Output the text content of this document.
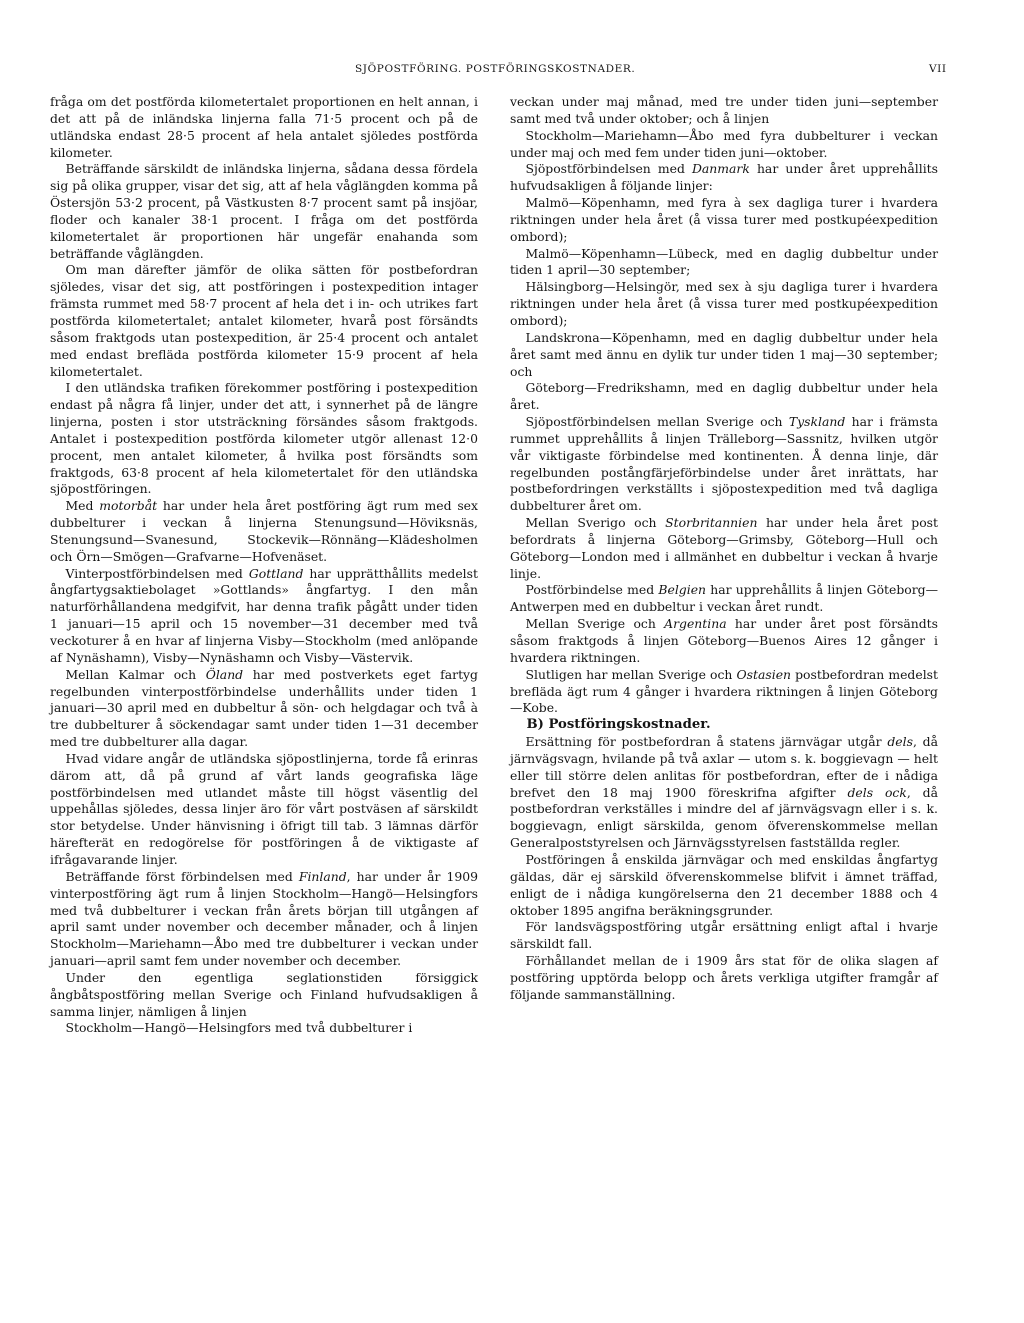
SJÖPOSTFÖRING. POSTFÖRINGSKOSTNADER.	VII

fråga om det postförda kilometertalet proportionen en helt annan, i det att på de inländska linjerna falla 71·5 procent och på de utländska endast 28·5 procent af hela antalet sjöledes postförda kilometer.

Beträffande särskildt de inländska linjerna, sådana dessa fördela sig på olika grupper, visar det sig, att af hela våglängden komma på Östersjön 53·2 procent, på Västkusten 8·7 procent samt på insjöar, floder och kanaler 38·1 procent. I fråga om det postförda kilometertalet är proportionen här ungefär enahanda som beträffande våglängden.

Om man därefter jämför de olika sätten för postbefordran sjöledes, visar det sig, att postföringen i postexpedition intager främsta rummet med 58·7 procent af hela det i in- och utrikes fart postförda kilometertalet; antalet kilometer, hvarå post försändts såsom fraktgods utan postexpedition, är 25·4 procent och antalet med endast brefläda postförda kilometer 15·9 procent af hela kilometertalet.

I den utländska trafiken förekommer postföring i postexpedition endast på några få linjer, under det att, i synnerhet på de längre linjerna, posten i stor utsträckning försändes såsom fraktgods. Antalet i postexpedition postförda kilometer utgör allenast 12·0 procent, men antalet kilometer, å hvilka post försändts som fraktgods, 63·8 procent af hela kilometertalet för den utländska sjöpostföringen.

Med motorbåt har under hela året postföring ägt rum med sex dubbelturer i veckan å linjerna Stenungsund—Höviksnäs, Stenungsund—Svanesund, Stockevik—Rönnäng—Klädesholmen och Örn—Smögen—Grafvarne—Hofvenäset.

Vinterpostförbindelsen med Gottland har upprätthållits medelst ångfartygsaktiebolaget »Gottlands» ångfartyg. I den mån naturförhållandena medgifvit, har denna trafik pågått under tiden 1 januari—15 april och 15 november—31 december med två veckoturer å en hvar af linjerna Visby—Stockholm (med anlöpande af Nynäshamn), Visby—Nynäshamn och Visby—Västervik.

Mellan Kalmar och Öland har med postverkets eget fartyg regelbunden vinterpostförbindelse underhållits under tiden 1 januari—30 april med en dubbeltur å sön- och helgdagar och två à tre dubbelturer å söckendagar samt under tiden 1—31 december med tre dubbelturer alla dagar.

Hvad vidare angår de utländska sjöpostlinjerna, torde få erinras därom att, då på grund af vårt lands geografiska läge postförbindelsen med utlandet måste till högst väsentlig del uppehållas sjöledes, dessa linjer äro för vårt postväsen af särskildt stor betydelse. Under hänvisning i öfrigt till tab. 3 lämnas därför härefterät en redogörelse för postföringen å de viktigaste af ifrågavarande linjer.

Beträffande först förbindelsen med Finland, har under år 1909 vinterpostföring ägt rum å linjen Stockholm—Hangö—Helsingfors med två dubbelturer i veckan från årets början till utgången af april samt under november och december månader, och å linjen Stockholm—Mariehamn—Åbo med tre dubbelturer i veckan under januari—april samt fem under november och december.

Under den egentliga seglationstiden försiggick ångbåtspostföring mellan Sverige och Finland hufvudsakligen å samma linjer, nämligen å linjen

Stockholm—Hangö—Helsingfors med två dubbelturer i

veckan under maj månad, med tre under tiden juni—september samt med två under oktober; och å linjen

Stockholm—Mariehamn—Åbo med fyra dubbelturer i veckan under maj och med fem under tiden juni—oktober.

Sjöpostförbindelsen med Danmark har under året upprehållits hufvudsakligen å följande linjer:

Malmö—Köpenhamn, med fyra à sex dagliga turer i hvardera riktningen under hela året (å vissa turer med postkupéexpedition ombord);

Malmö—Köpenhamn—Lübeck, med en daglig dubbeltur under tiden 1 april—30 september;

Hälsingborg—Helsingör, med sex à sju dagliga turer i hvardera riktningen under hela året (å vissa turer med postkupéexpedition ombord);

Landskrona—Köpenhamn, med en daglig dubbeltur under hela året samt med ännu en dylik tur under tiden 1 maj—30 september; och

Göteborg—Fredrikshamn, med en daglig dubbeltur under hela året.

Sjöpostförbindelsen mellan Sverige och Tyskland har i främsta rummet upprehållits å linjen Trälleborg—Sassnitz, hvilken utgör vår viktigaste förbindelse med kontinenten. Å denna linje, där regelbunden postångfärjeförbindelse under året inrättats, har postbefordringen verkställts i sjöpostexpedition med två dagliga dubbelturer året om.

Mellan Sverigo och Storbritannien har under hela året post befordrats å linjerna Göteborg—Grimsby, Göteborg—Hull och Göteborg—London med i allmänhet en dubbeltur i veckan å hvarje linje.

Postförbindelse med Belgien har upprehållits å linjen Göteborg—Antwerpen med en dubbeltur i veckan året rundt.

Mellan Sverige och Argentina har under året post försändts såsom fraktgods å linjen Göteborg—Buenos Aires 12 gånger i hvardera riktningen.

Slutligen har mellan Sverige och Ostasien postbefordran medelst brefläda ägt rum 4 gånger i hvardera riktningen å linjen Göteborg—Kobe.

B) Postföringskostnader.

Ersättning för postbefordran å statens järnvägar utgår dels, då järnvägsvagn, hvilande på två axlar — utom s. k. boggievagn — helt eller till större delen anlitas för postbefordran, efter de i nådiga brefvet den 18 maj 1900 föreskrifna afgifter dels ock, då postbefordran verkställes i mindre del af järnvägsvagn eller i s. k. boggievagn, enligt särskilda, genom öfverenskommelse mellan Generalpoststyrelsen och Järnvägsstyrelsen fastställda regler.

Postföringen å enskilda järnvägar och med enskildas ångfartyg gäldas, där ej särskild öfverenskommelse blifvit i ämnet träffad, enligt de i nådiga kungörelserna den 21 december 1888 och 4 oktober 1895 angifna beräkningsgrunder.

För landsvägspostföring utgår ersättning enligt aftal i hvarje särskildt fall.

Förhållandet mellan de i 1909 års stat för de olika slagen af postföring upptörda belopp och årets verkliga utgifter framgår af följande sammanställning.
